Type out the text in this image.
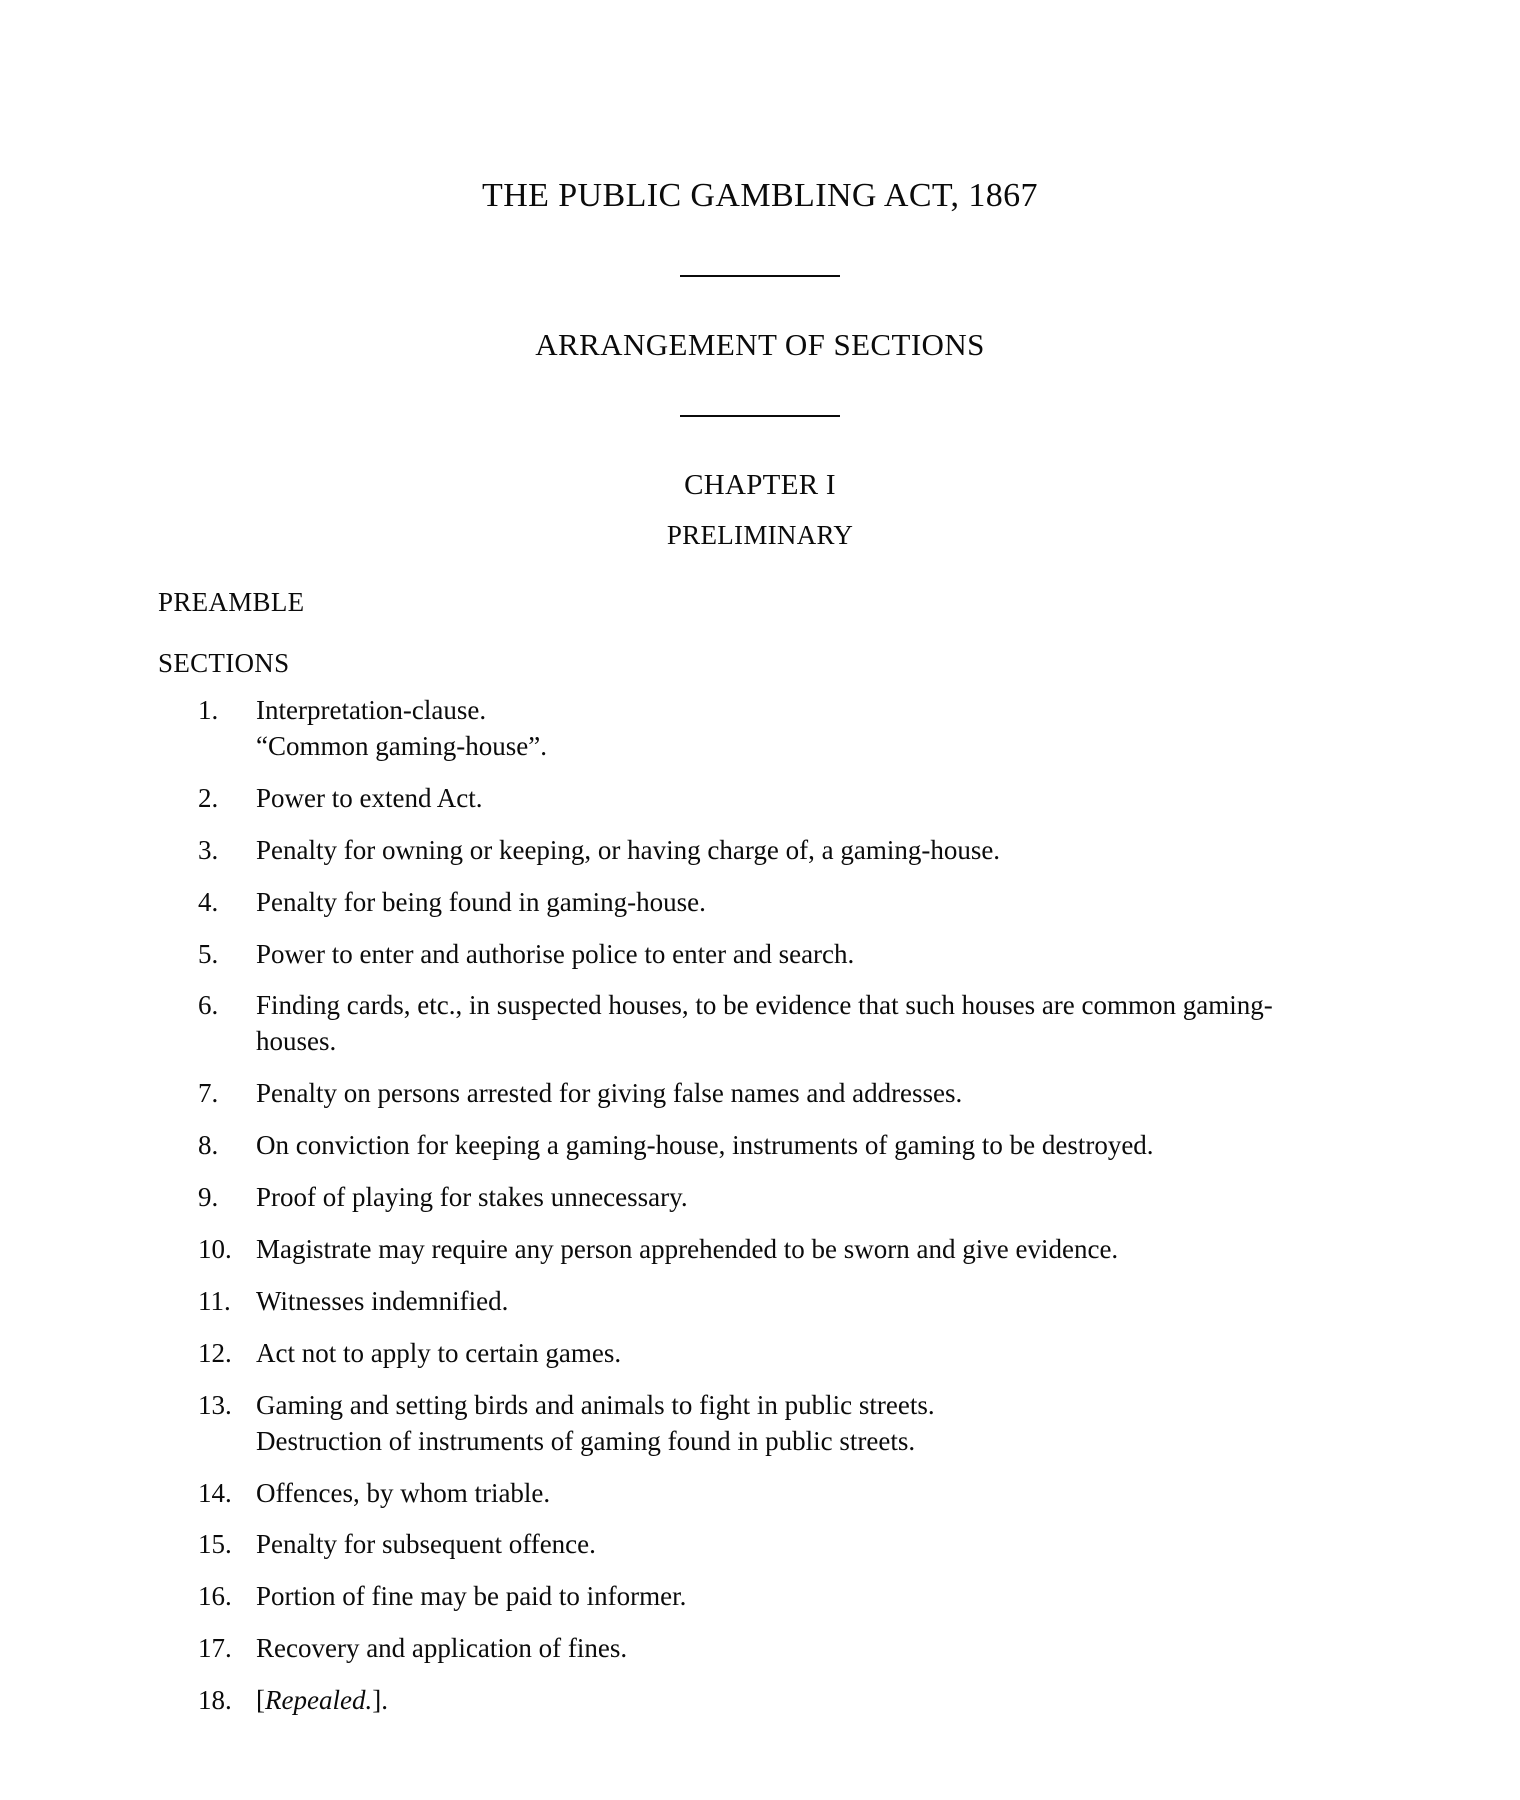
THE PUBLIC GAMBLING ACT, 1867
ARRANGEMENT OF SECTIONS
CHAPTER I
PRELIMINARY
PREAMBLE
SECTIONS
1.	Interpretation-clause.
“Common gaming-house”.
2.	Power to extend Act.
3.	Penalty for owning or keeping, or having charge of, a gaming-house.
4.	Penalty for being found in gaming-house.
5.	Power to enter and authorise police to enter and search.
6.	Finding cards, etc., in suspected houses, to be evidence that such houses are common gaming-houses.
7.	Penalty on persons arrested for giving false names and addresses.
8.	On conviction for keeping a gaming-house, instruments of gaming to be destroyed.
9.	Proof of playing for stakes unnecessary.
10. Magistrate may require any person apprehended to be sworn and give evidence.
11. Witnesses indemnified.
12. Act not to apply to certain games.
13. Gaming and setting birds and animals to fight in public streets.
Destruction of instruments of gaming found in public streets.
14. Offences, by whom triable.
15. Penalty for subsequent offence.
16. Portion of fine may be paid to informer.
17. Recovery and application of fines.
18. [Repealed.].
